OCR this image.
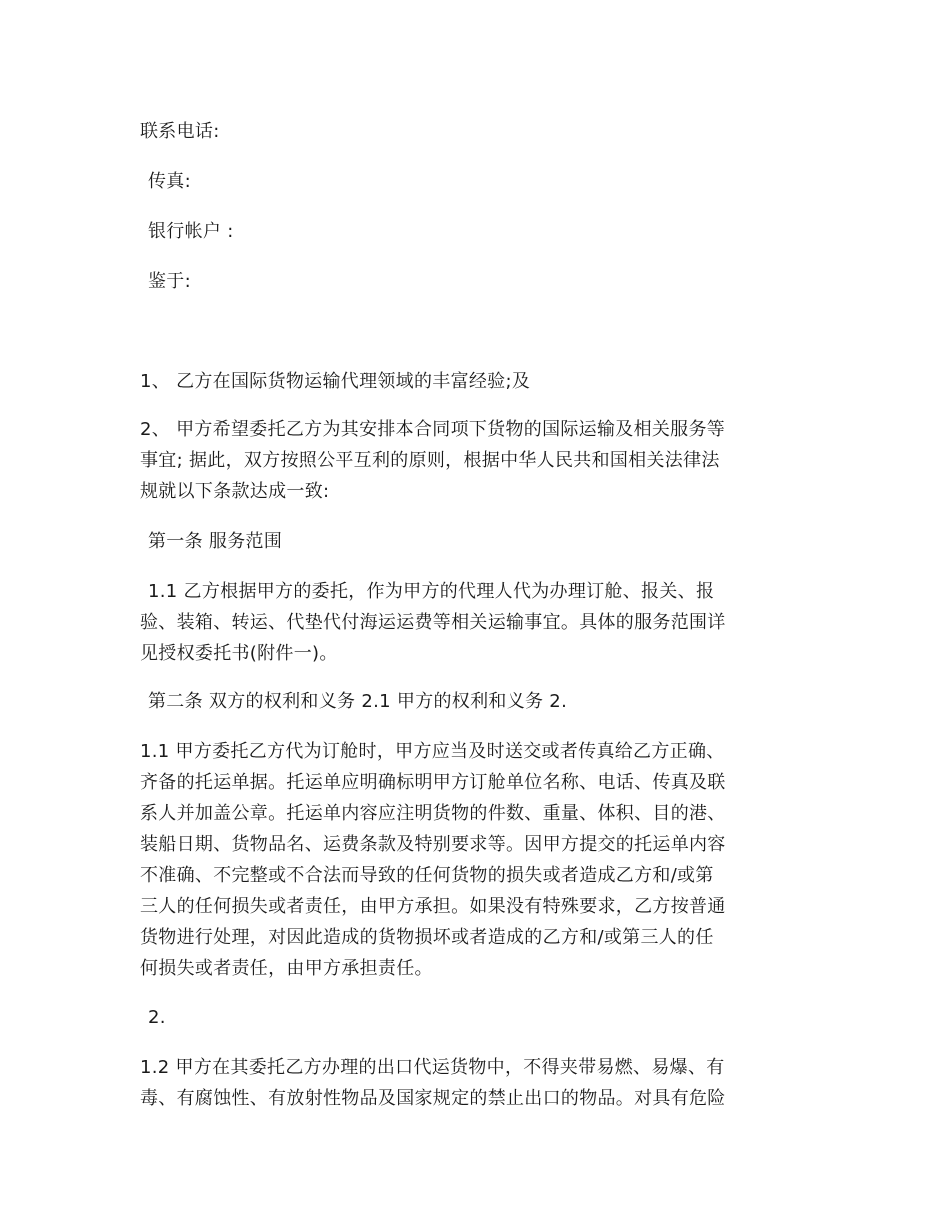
联系电话:
传真:
银行帐户 :
鉴于:
1、 乙方在国际货物运输代理领域的丰富经验;及
2、 甲方希望委托乙方为其安排本合同项下货物的国际运输及相关服务等
事宜; 据此，双方按照公平互利的原则，根据中华人民共和国相关法律法
规就以下条款达成一致:
第一条 服务范围
1.1 乙方根据甲方的委托，作为甲方的代理人代为办理订舱、报关、报
验、装箱、转运、代垫代付海运运费等相关运输事宜。具体的服务范围详
见授权委托书(附件一)。
第二条 双方的权利和义务 2.1 甲方的权利和义务 2.
1.1 甲方委托乙方代为订舱时，甲方应当及时送交或者传真给乙方正确、
齐备的托运单据。托运单应明确标明甲方订舱单位名称、电话、传真及联
系人并加盖公章。托运单内容应注明货物的件数、重量、体积、目的港、
装船日期、货物品名、运费条款及特别要求等。因甲方提交的托运单内容
不准确、不完整或不合法而导致的任何货物的损失或者造成乙方和/或第
三人的任何损失或者责任，由甲方承担。如果没有特殊要求，乙方按普通
货物进行处理，对因此造成的货物损坏或者造成的乙方和/或第三人的任
何损失或者责任，由甲方承担责任。
2.
1.2 甲方在其委托乙方办理的出口代运货物中，不得夹带易燃、易爆、有
毒、有腐蚀性、有放射性物品及国家规定的禁止出口的物品。对具有危险
